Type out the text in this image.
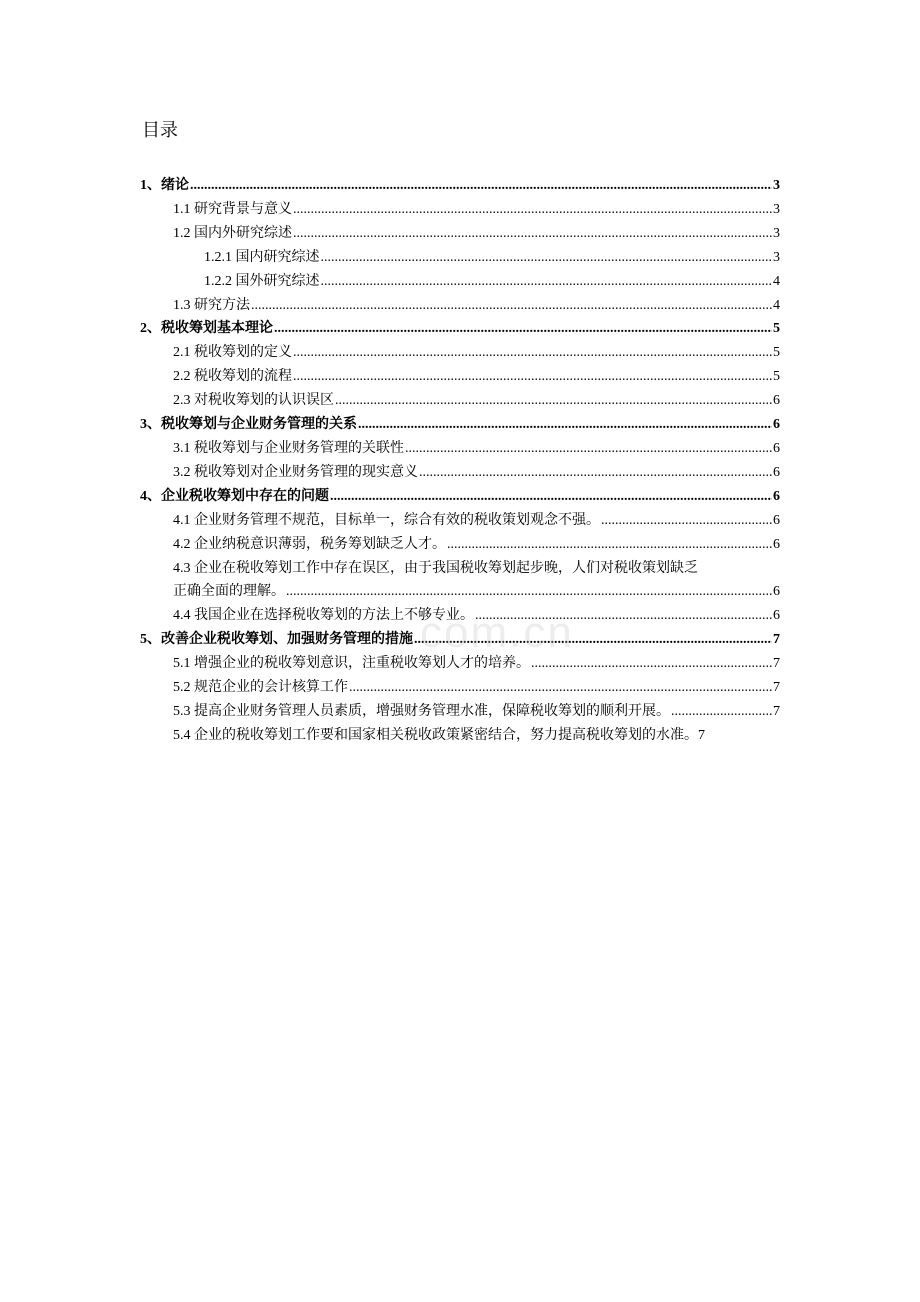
目录
1、绪论 .....	3
1.1 研究背景与意义 .....	3
1.2 国内外研究综述 .....	3
1.2.1 国内研究综述 .....	3
1.2.2 国外研究综述 .....	4
1.3 研究方法 .....	4
2、税收筹划基本理论 .....	5
2.1 税收筹划的定义 .....	5
2.2 税收筹划的流程 .....	5
2.3 对税收筹划的认识误区 .....	6
3、税收筹划与企业财务管理的关系 .....	6
3.1 税收筹划与企业财务管理的关联性 .....	6
3.2 税收筹划对企业财务管理的现实意义 .....	6
4、企业税收筹划中存在的问题 .....	6
4.1 企业财务管理不规范，目标单一，综合有效的税收策划观念不强。 .....	6
4.2 企业纳税意识薄弱，税务筹划缺乏人才。 .....	6
4.3 企业在税收筹划工作中存在误区，由于我国税收筹划起步晚，人们对税收策划缺乏
正确全面的理解。 .....	6
4.4 我国企业在选择税收筹划的方法上不够专业。 .....	6
5、改善企业税收筹划、加强财务管理的措施 .....	7
5.1 增强企业的税收筹划意识，注重税收筹划人才的培养。 .....	7
5.2 规范企业的会计核算工作 .....	7
5.3 提高企业财务管理人员素质，增强财务管理水准，保障税收筹划的顺利开展。 .....	7
5.4 企业的税收筹划工作要和国家相关税收政策紧密结合，努力提高税收筹划的水准。 7
com.cn
